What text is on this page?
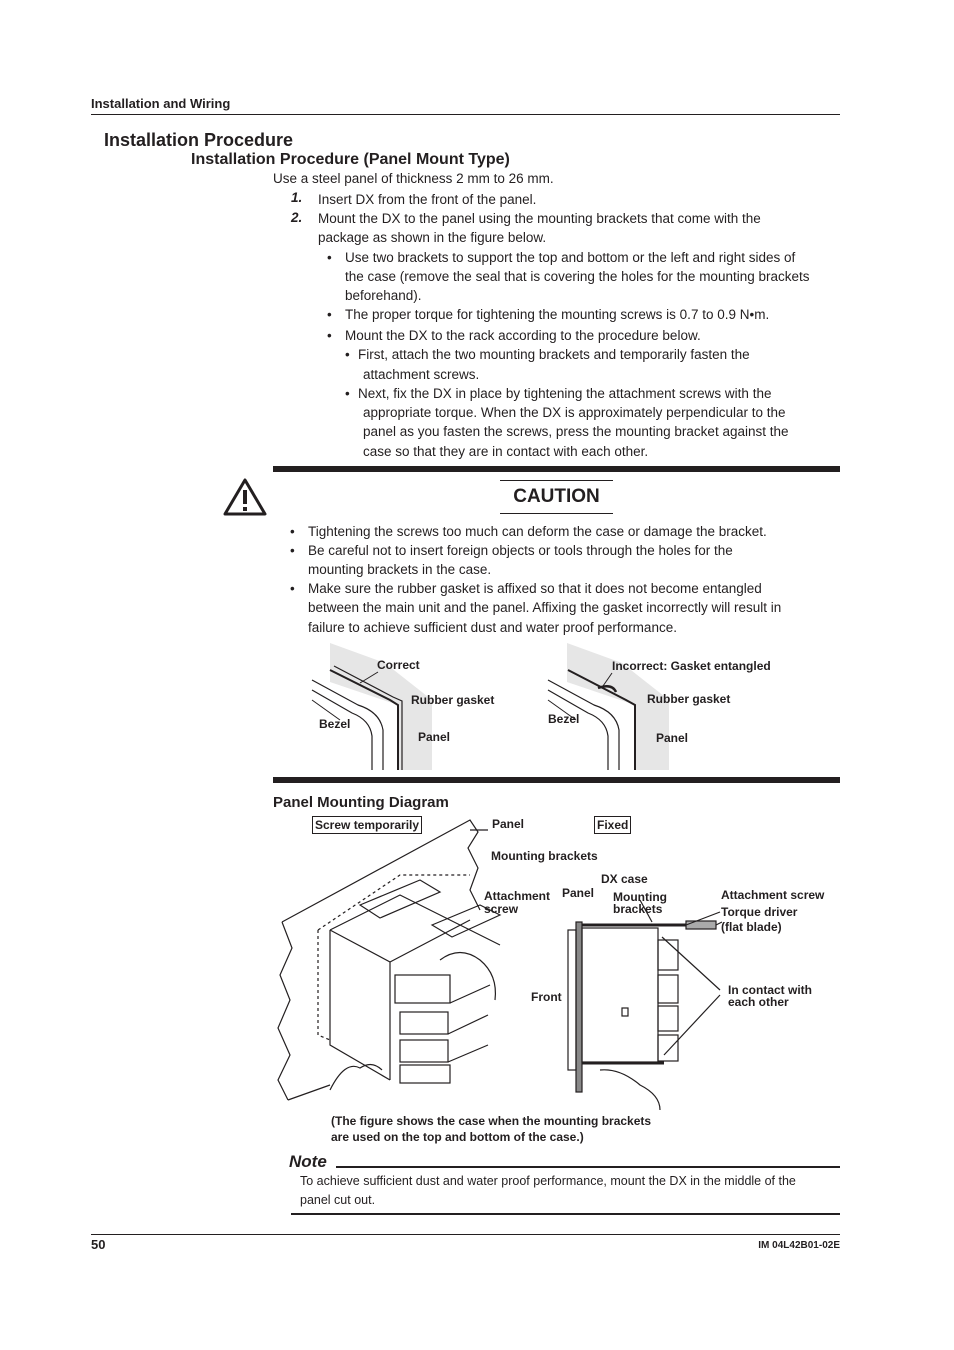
Installation and Wiring
Installation Procedure
Installation Procedure (Panel Mount Type)
Use a steel panel of thickness 2 mm to 26 mm.
1. Insert DX from the front of the panel.
2. Mount the DX to the panel using the mounting brackets that come with the
package as shown in the figure below.
• Use two brackets to support the top and bottom or the left and right sides of
the case (remove the seal that is covering the holes for the mounting brackets
beforehand).
• The proper torque for tightening the mounting screws is 0.7 to 0.9 N•m.
• Mount the DX to the rack according to the procedure below.
• First, attach the two mounting brackets and temporarily fasten the
attachment screws.
• Next, fix the DX in place by tightening the attachment screws with the
appropriate torque. When the DX is approximately perpendicular to the
panel as you fasten the screws, press the mounting bracket against the
case so that they are in contact with each other.
CAUTION
• Tightening the screws too much can deform the case or damage the bracket.
• Be careful not to insert foreign objects or tools through the holes for the
mounting brackets in the case.
• Make sure the rubber gasket is affixed so that it does not become entangled
between the main unit and the panel. Affixing the gasket incorrectly will result in
failure to achieve sufficient dust and water proof performance.
Correct
Rubber gasket
Bezel
Panel
Incorrect: Gasket entangled
Rubber gasket
Bezel
Panel
Panel Mounting Diagram
Screw temporarily	Fixed
Panel
Mounting brackets
Attachment
screw
Panel
DX case
Mounting
brackets
Attachment screw
Torque driver
(flat blade)
In contact with
each other
Front
(The figure shows the case when the mounting brackets
are used on the top and bottom of the case.)
Note
To achieve sufficient dust and water proof performance, mount the DX in the middle of the
panel cut out.
50	IM 04L42B01-02E
